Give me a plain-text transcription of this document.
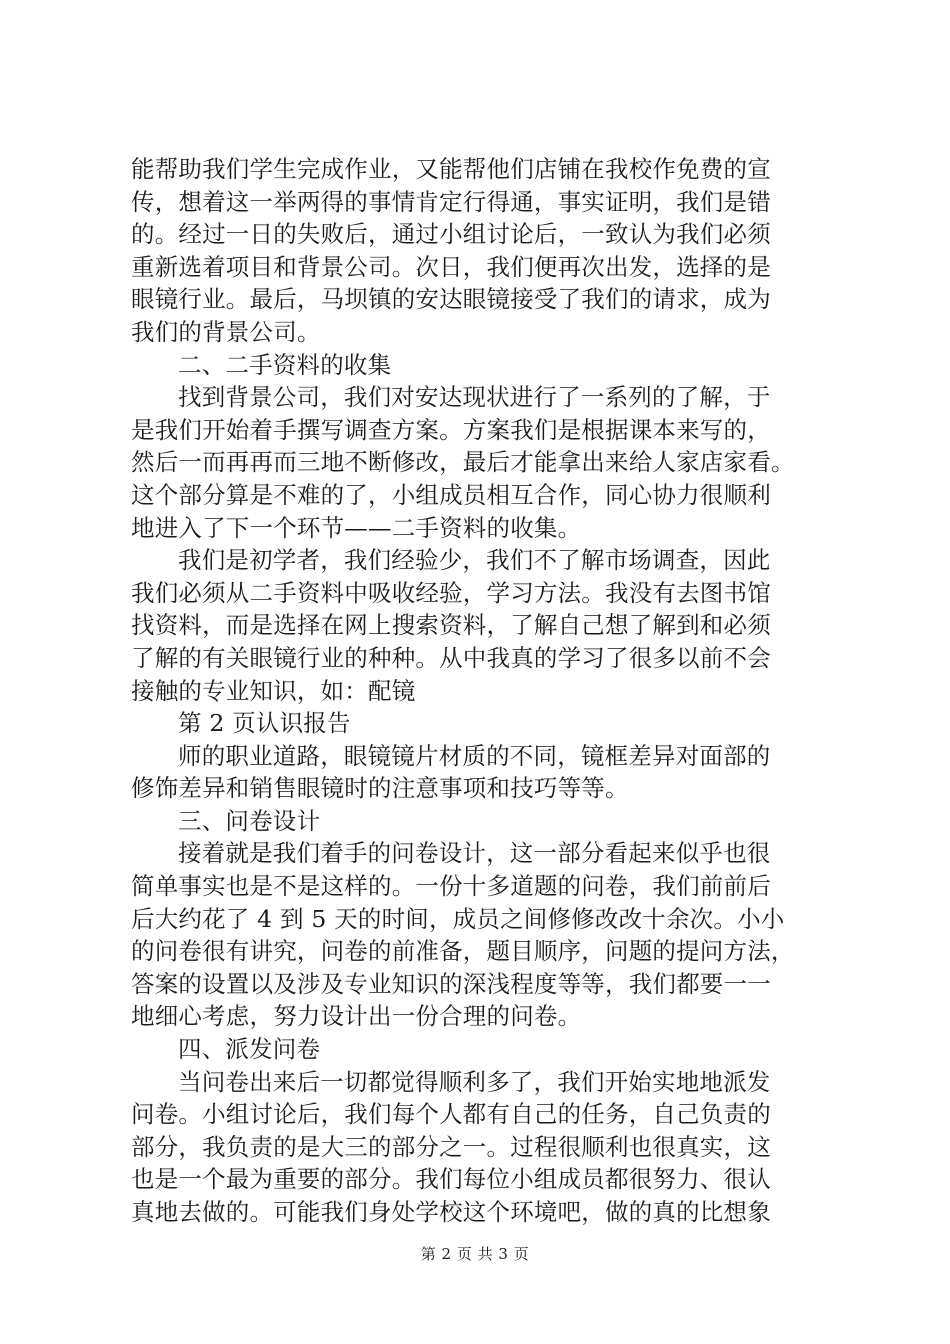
能帮助我们学生完成作业，又能帮他们店铺在我校作免费的宣
传，想着这一举两得的事情肯定行得通，事实证明，我们是错
的。经过一日的失败后，通过小组讨论后，一致认为我们必须
重新选着项目和背景公司。次日，我们便再次出发，选择的是
眼镜行业。最后，马坝镇的安达眼镜接受了我们的请求，成为
我们的背景公司。
二、二手资料的收集
找到背景公司，我们对安达现状进行了一系列的了解，于
是我们开始着手撰写调查方案。方案我们是根据课本来写的，
然后一而再再而三地不断修改，最后才能拿出来给人家店家看。
这个部分算是不难的了，小组成员相互合作，同心协力很顺利
地进入了下一个环节——二手资料的收集。
我们是初学者，我们经验少，我们不了解市场调查，因此
我们必须从二手资料中吸收经验，学习方法。我没有去图书馆
找资料，而是选择在网上搜索资料，了解自己想了解到和必须
了解的有关眼镜行业的种种。从中我真的学习了很多以前不会
接触的专业知识，如：配镜
第 2 页认识报告
师的职业道路，眼镜镜片材质的不同，镜框差异对面部的
修饰差异和销售眼镜时的注意事项和技巧等等。
三、问卷设计
接着就是我们着手的问卷设计，这一部分看起来似乎也很
简单事实也是不是这样的。一份十多道题的问卷，我们前前后
后大约花了 4 到 5 天的时间，成员之间修修改改十余次。小小
的问卷很有讲究，问卷的前准备，题目顺序，问题的提问方法，
答案的设置以及涉及专业知识的深浅程度等等，我们都要一一
地细心考虑，努力设计出一份合理的问卷。
四、派发问卷
当问卷出来后一切都觉得顺利多了，我们开始实地地派发
问卷。小组讨论后，我们每个人都有自己的任务，自己负责的
部分，我负责的是大三的部分之一。过程很顺利也很真实，这
也是一个最为重要的部分。我们每位小组成员都很努力、很认
真地去做的。可能我们身处学校这个环境吧，做的真的比想象
第 2 页 共 3 页
